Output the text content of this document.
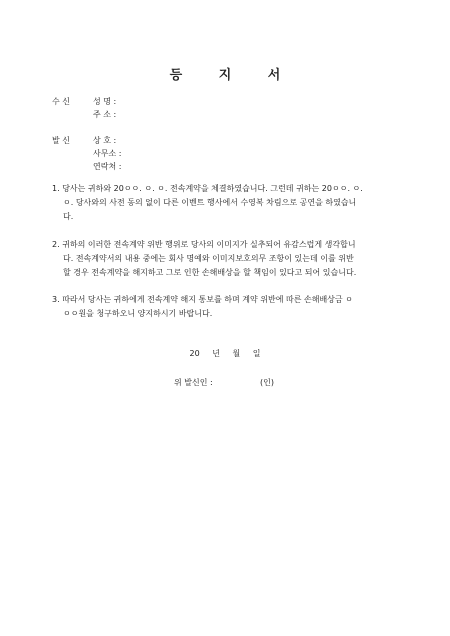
등 지 서
수 신	성 명 :
주 소 :
발 신	상 호 :
사무소 :
연락처 :
1. 당사는 귀하와 20ㅇㅇ. ㅇ. ㅇ. 전속계약을 체결하였습니다. 그런데 귀하는 20ㅇㅇ. ㅇ.
ㅇ. 당사와의 사전 동의 없이 다른 이벤트 행사에서 수영복 차림으로 공연을 하였습니
다.
2. 귀하의 이러한 전속계약 위반 행위로 당사의 이미지가 실추되어 유감스럽게 생각합니
다. 전속계약서의 내용 중에는 회사 명예와 이미지보호의무 조항이 있는데 이를 위반
할 경우 전속계약을 해지하고 그로 인한 손해배상을 할 책임이 있다고 되어 있습니다.
3. 따라서 당사는 귀하에게 전속계약 해지 통보를 하며 계약 위반에 따른 손해배상금 ㅇ
ㅇㅇ원을 청구하오니 양지하시기 바랍니다.
20 년 월 일
위 발신인 :	(인)
